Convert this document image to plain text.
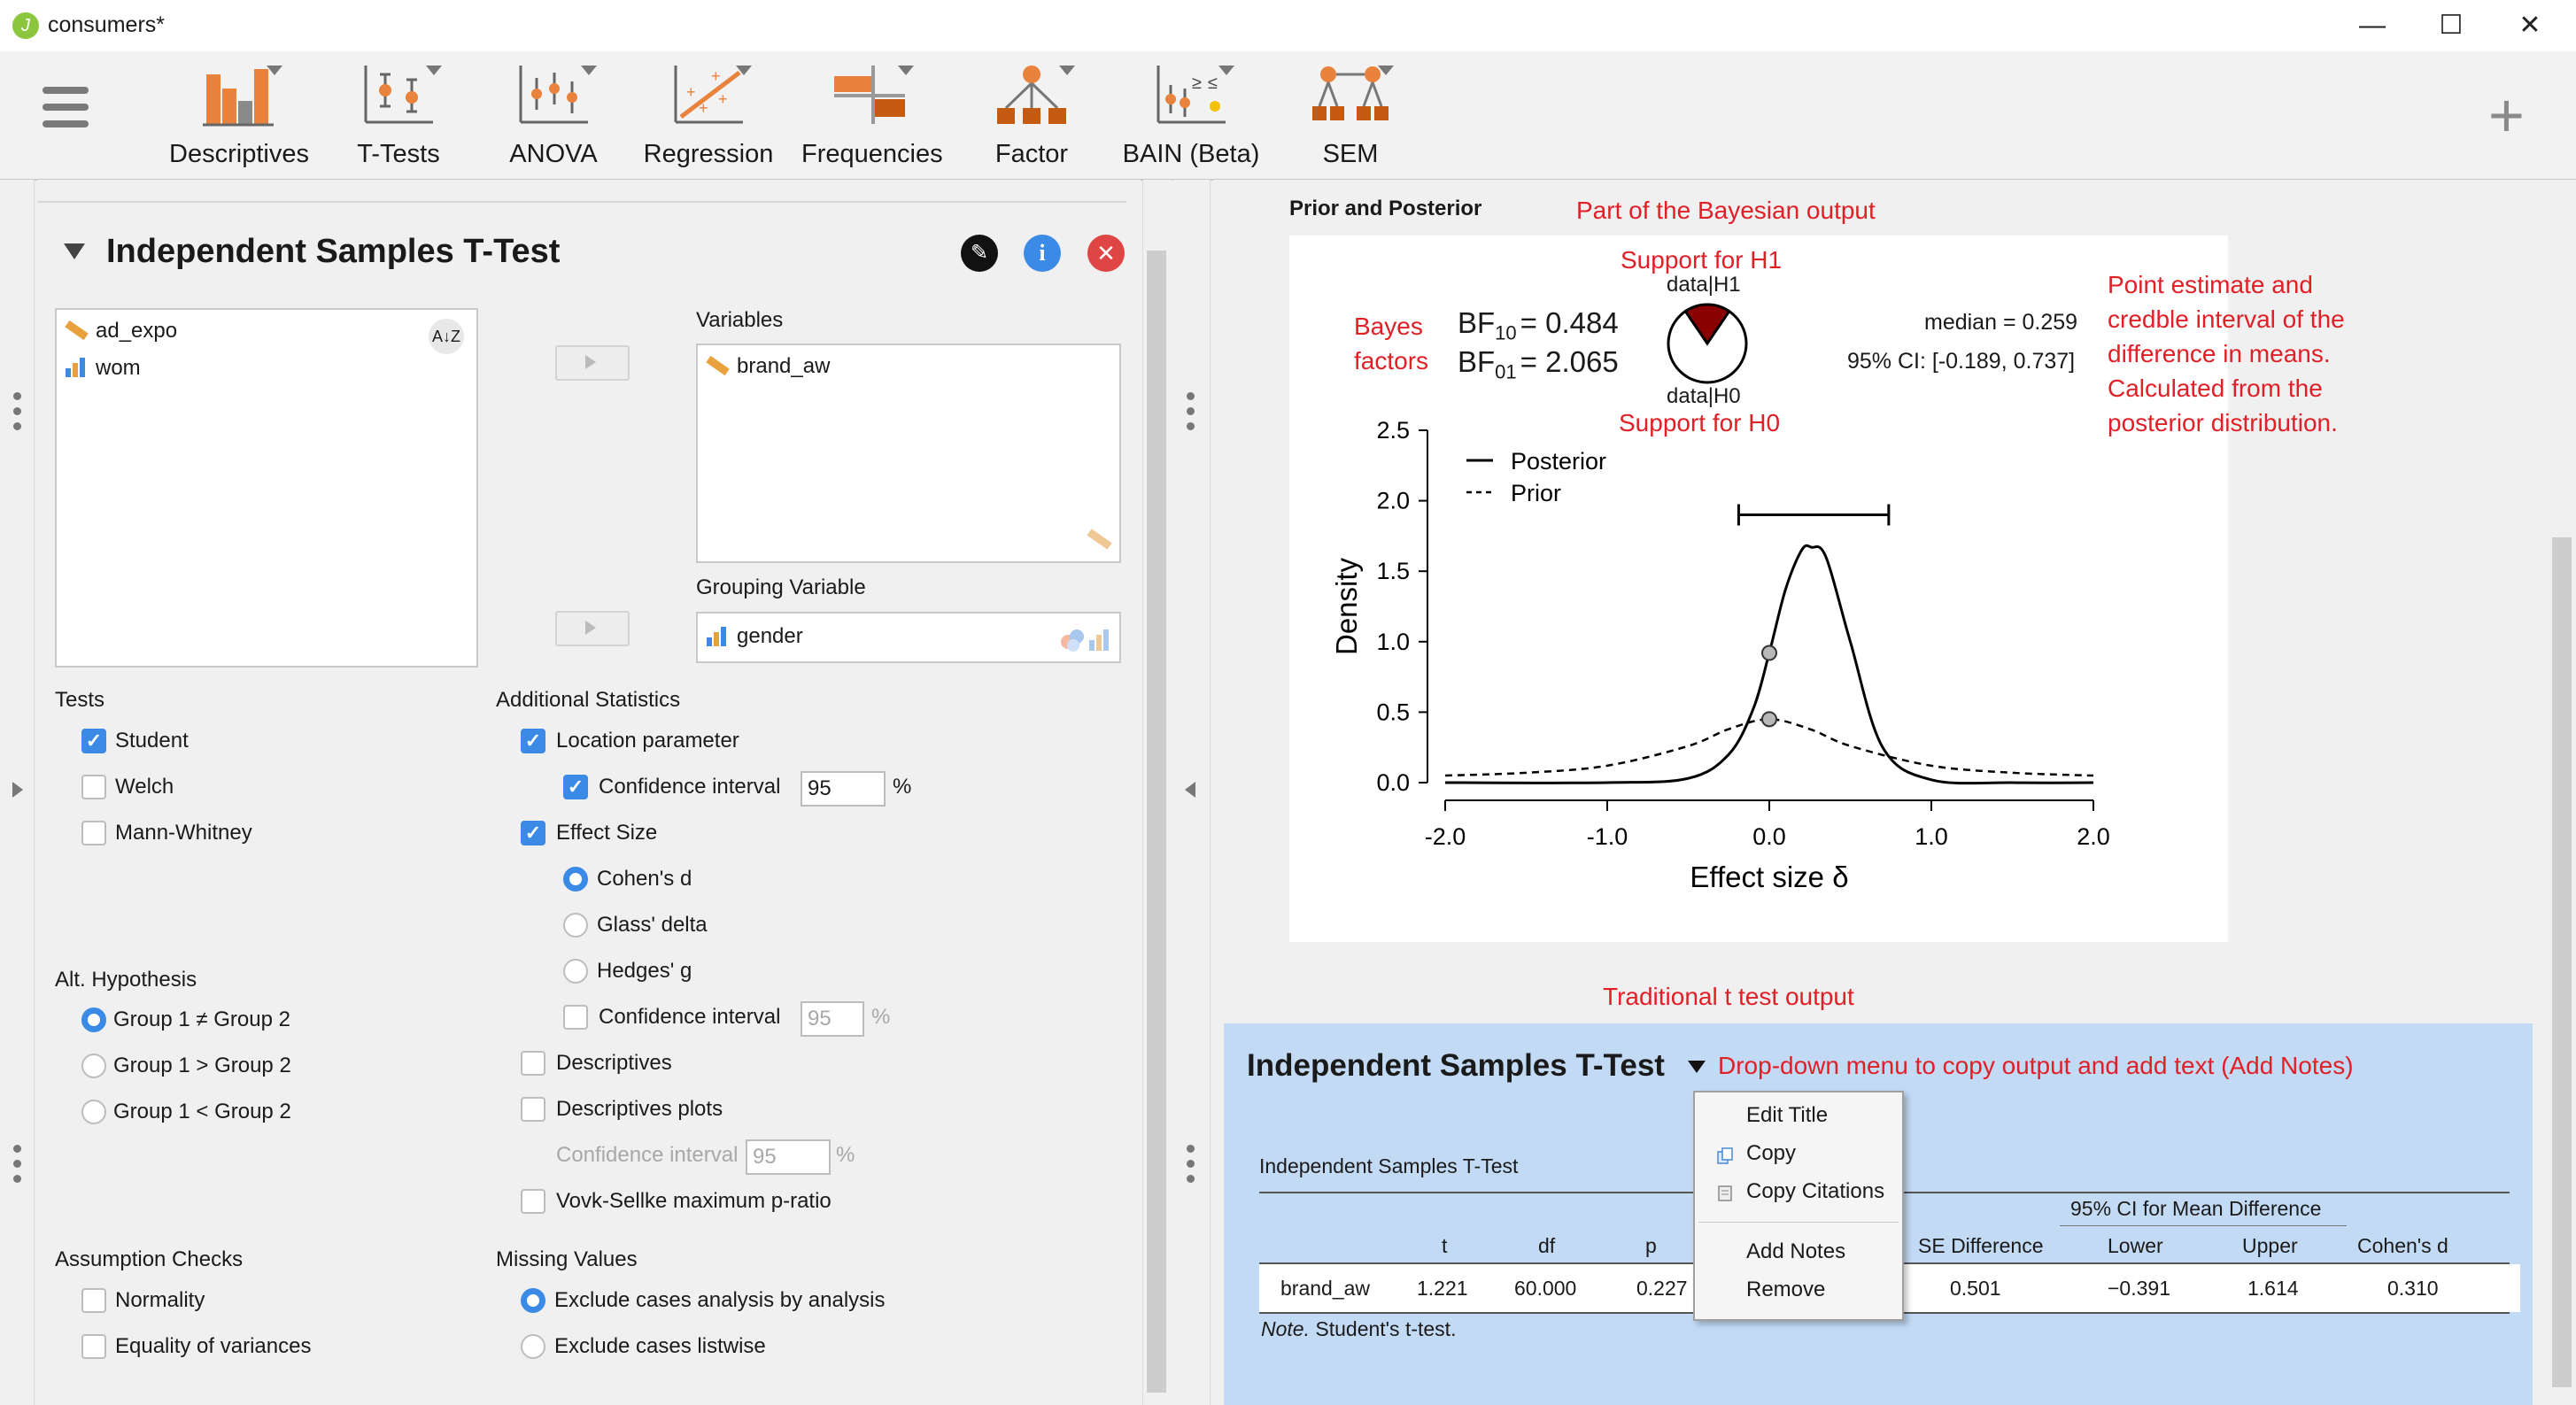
J consumers*	—	☐	✕
Descriptives	T-Tests	ANOVA
+
+
+
+
Regression Frequencies	Factor
≥ ≤
BAIN (Beta)	SEM
+
Independent Samples T-Test	✎	i	✕
ad_expo
wom
A↓Z
Variables
brand_aw
Grouping Variable
gender
Tests
✓ Student
Welch
Mann-Whitney
Alt. Hypothesis
Group 1 ≠ Group 2
Group 1 > Group 2
Group 1 < Group 2
Assumption Checks
Normality
Equality of variances
Additional Statistics
✓ Location parameter
✓ Confidence interval	95	%
✓ Effect Size
Cohen's d
Glass' delta
Hedges' g
Confidence interval	95	%
Descriptives
Descriptives plots
Confidence interval 95	%
Vovk-Sellke maximum p-ratio
Missing Values
Exclude cases analysis by analysis
Exclude cases listwise
Prior and Posterior	Part of the Bayesian output
0.0
0.5
1.0
1.5
2.0
2.5
-2.0	-1.0	0.0	1.0	2.0
Effect size δ
Density
Posterior
Prior
Support for H1
Support for H0
Bayes
factors
Point estimate and
credble interval of the
difference in means.
Calculated from the
posterior distribution.
$BF_{10} = 0.484$
$BF_{01} = 2.065$
data|H1
data|H0
median = 0.259
95% CI: [-0.189, 0.737]
Traditional t test output
Independent Samples T-Test Drop-down menu to copy output and add text (Add Notes)
Independent Samples T-Test
95% CI for Mean Difference
t	df	p	SE Difference	Lower	Upper	Cohen's d
brand_aw 1.221 60.000	0.227	0.501	−0.391	1.614	0.310
Note. Student's t-test.
Edit Title
Copy
Copy Citations
Add Notes
Remove
